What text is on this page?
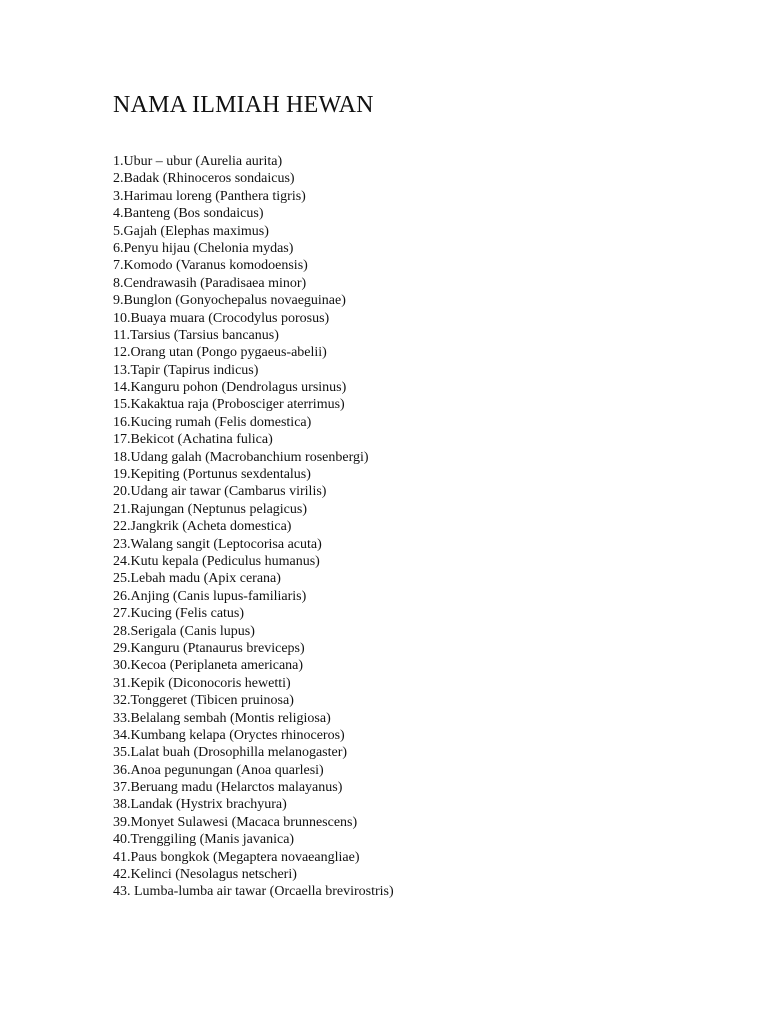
NAMA ILMIAH HEWAN
1.Ubur – ubur (Aurelia aurita)
2.Badak (Rhinoceros sondaicus)
3.Harimau loreng (Panthera tigris)
4.Banteng (Bos sondaicus)
5.Gajah (Elephas maximus)
6.Penyu hijau (Chelonia mydas)
7.Komodo (Varanus komodoensis)
8.Cendrawasih (Paradisaea minor)
9.Bunglon (Gonyochepalus novaeguinae)
10.Buaya muara (Crocodylus porosus)
11.Tarsius (Tarsius bancanus)
12.Orang utan (Pongo pygaeus-abelii)
13.Tapir (Tapirus indicus)
14.Kanguru pohon (Dendrolagus ursinus)
15.Kakaktua raja (Probosciger aterrimus)
16.Kucing rumah (Felis domestica)
17.Bekicot (Achatina fulica)
18.Udang galah (Macrobanchium rosenbergi)
19.Kepiting (Portunus sexdentalus)
20.Udang air tawar (Cambarus virilis)
21.Rajungan (Neptunus pelagicus)
22.Jangkrik (Acheta domestica)
23.Walang sangit (Leptocorisa acuta)
24.Kutu kepala (Pediculus humanus)
25.Lebah madu (Apix cerana)
26.Anjing (Canis lupus-familiaris)
27.Kucing (Felis catus)
28.Serigala (Canis lupus)
29.Kanguru (Ptanaurus breviceps)
30.Kecoa (Periplaneta americana)
31.Kepik (Diconocoris hewetti)
32.Tonggeret (Tibicen pruinosa)
33.Belalang sembah (Montis religiosa)
34.Kumbang kelapa (Oryctes rhinoceros)
35.Lalat buah (Drosophilla melanogaster)
36.Anoa pegunungan (Anoa quarlesi)
37.Beruang madu (Helarctos malayanus)
38.Landak (Hystrix brachyura)
39.Monyet Sulawesi (Macaca brunnescens)
40.Trenggiling (Manis javanica)
41.Paus bongkok (Megaptera novaeangliae)
42.Kelinci (Nesolagus netscheri)
43. Lumba-lumba air tawar (Orcaella brevirostris)
